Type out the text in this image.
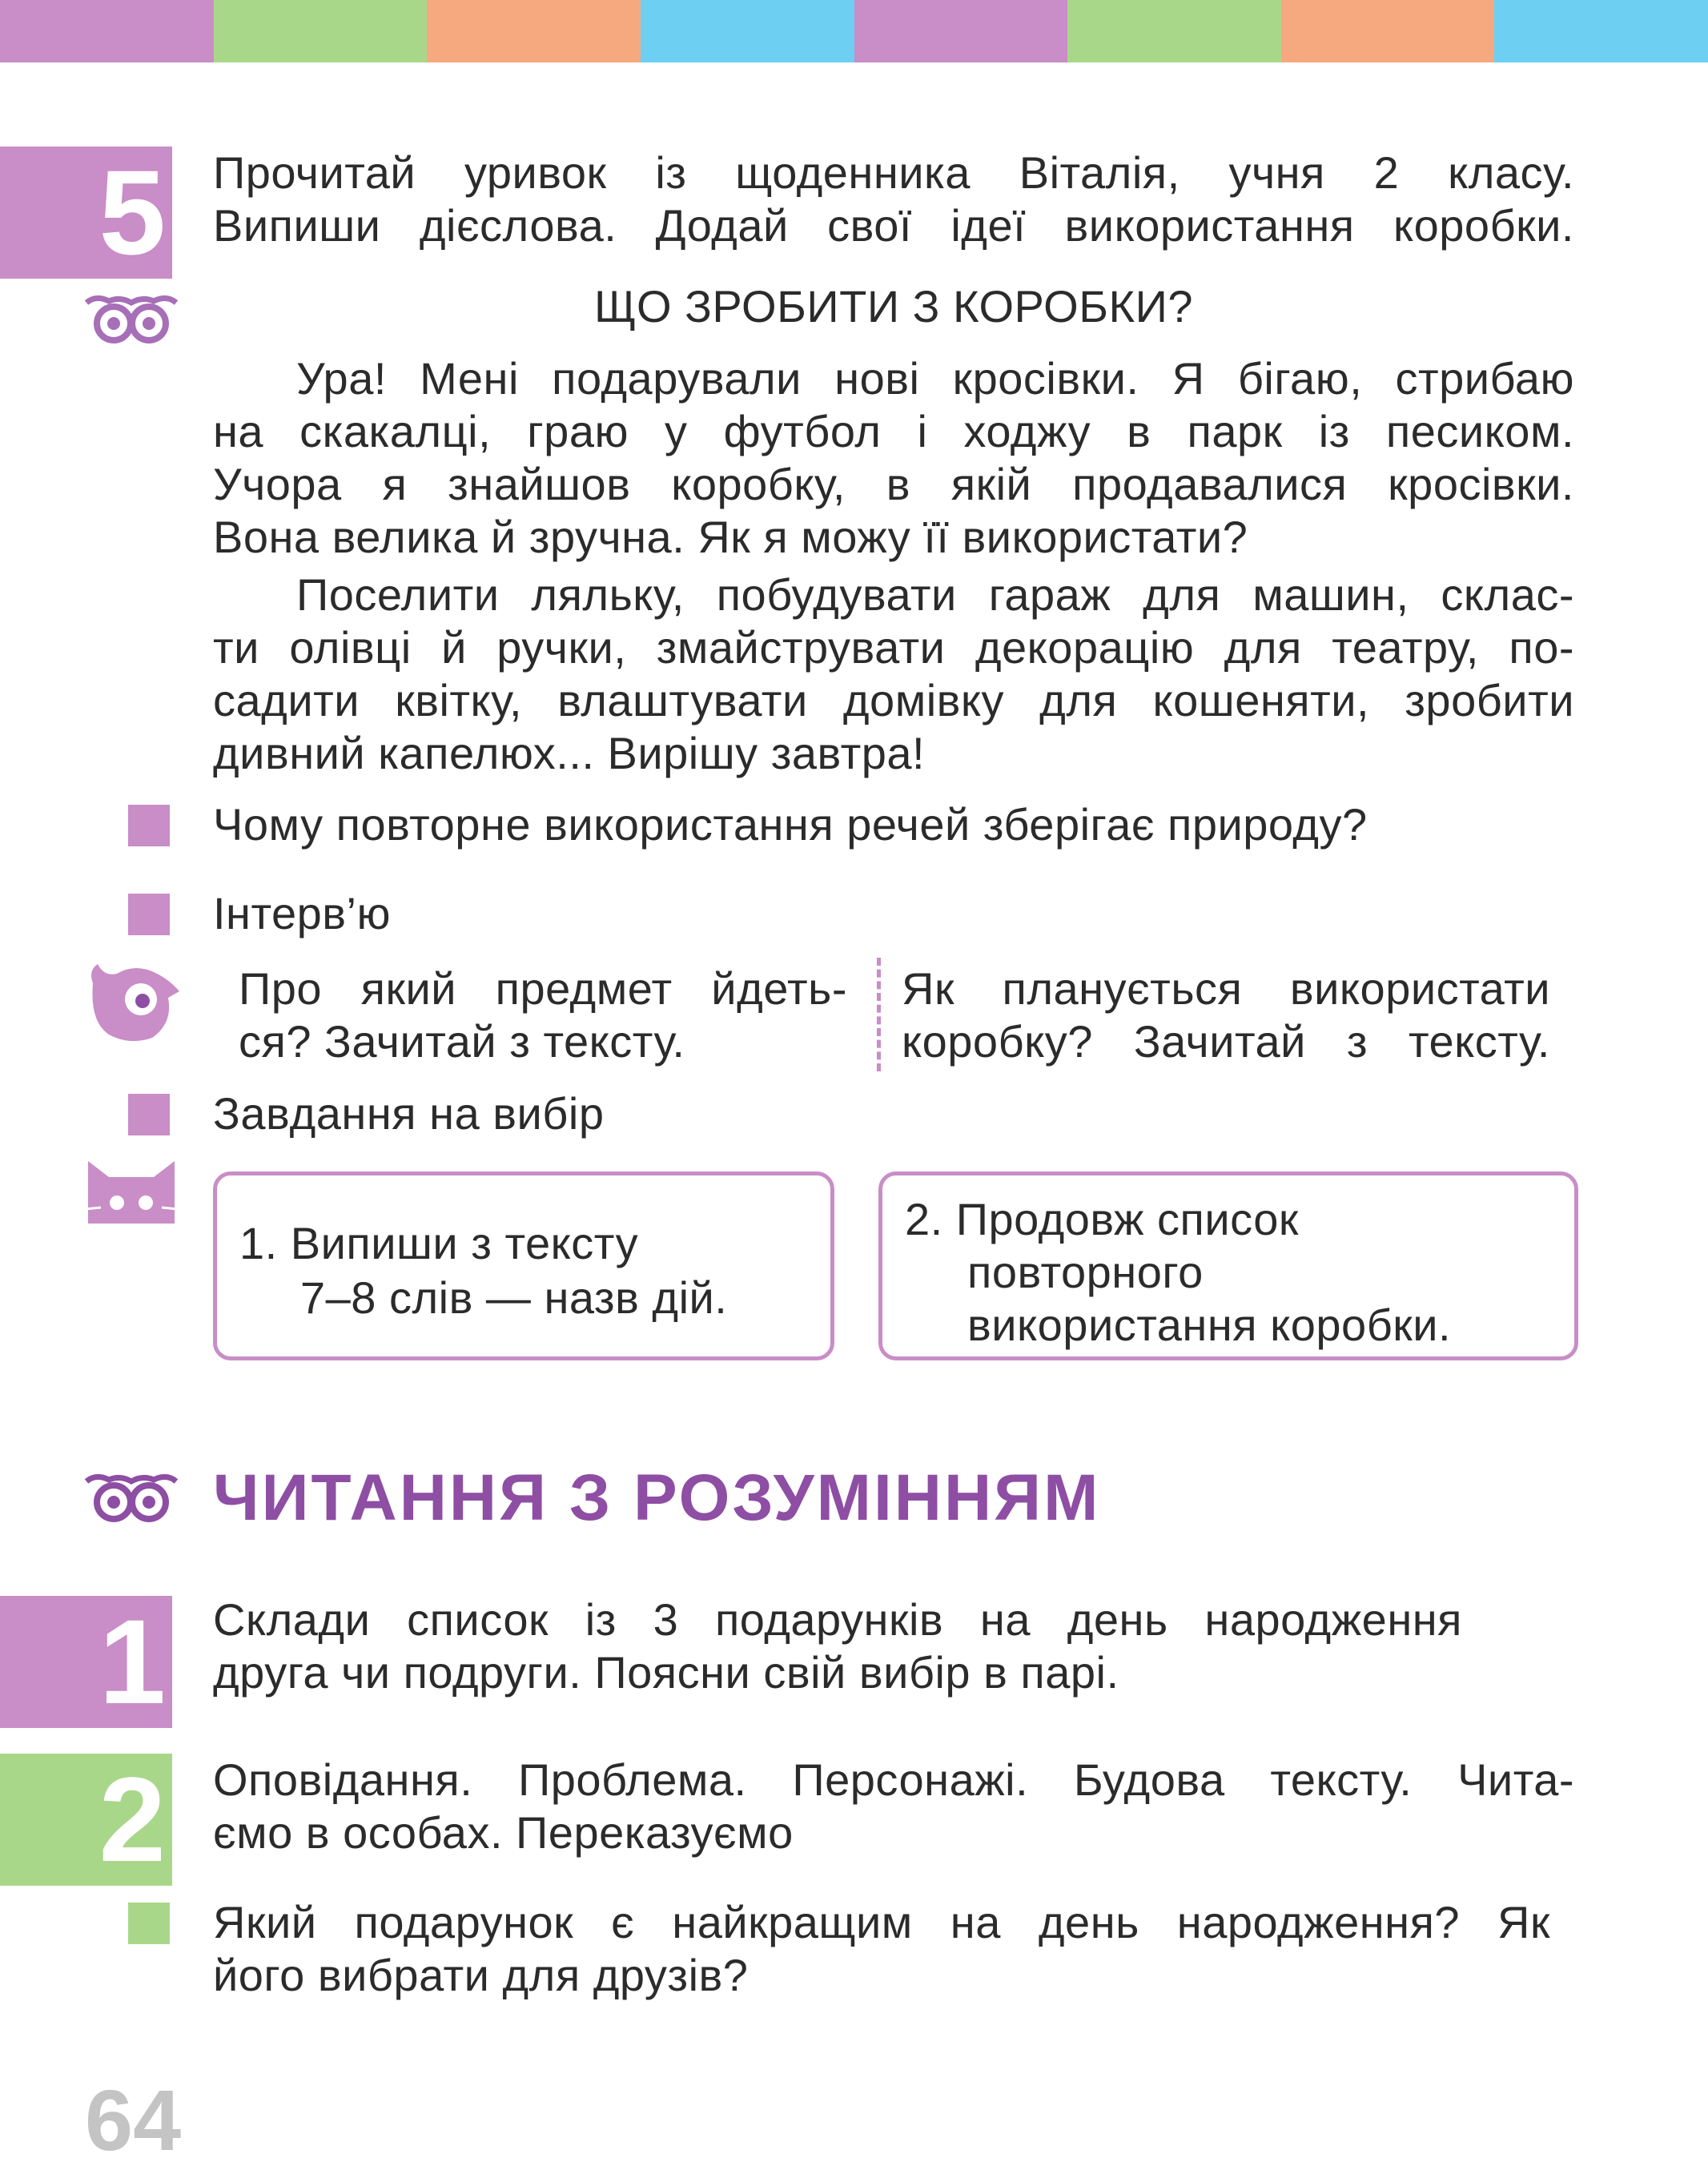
5 Прочитай уривок із щоденника Віталія, учня 2 класу.
Випиши дієслова. Додай свої ідеї використання коробки.
ЩО ЗРОБИТИ З КОРОБКИ?
Ура! Мені подарували нові кросівки. Я бігаю, стрибаю
на скакалці, граю у футбол і ходжу в парк із песиком.
Учора я знайшов коробку, в якій продавалися кросівки.
Вона велика й зручна. Як я можу її використати?
Поселити ляльку, побудувати гараж для машин, склас-
ти олівці й ручки, змайструвати декорацію для театру, по-
садити квітку, влаштувати домівку для кошеняти, зробити
дивний капелюх... Вирішу завтра!
Чому повторне використання речей зберігає природу?
Інтерв’ю
Про який предмет йдеть-
ся? Зачитай з тексту.
Як планується використати
коробку? Зачитай з тексту.
Завдання на вибір
1. Випиши з тексту
7–8 слів — назв дій.
2. Продовж список
повторного
використання коробки.
ЧИТАННЯ З РОЗУМІННЯМ
1 Склади список із 3 подарунків на день народження
друга чи подруги. Поясни свій вибір в парі.
2 Оповідання. Проблема. Персонажі. Будова тексту. Чита-
ємо в особах. Переказуємо
Який подарунок є найкращим на день народження? Як
його вибрати для друзів?
64
